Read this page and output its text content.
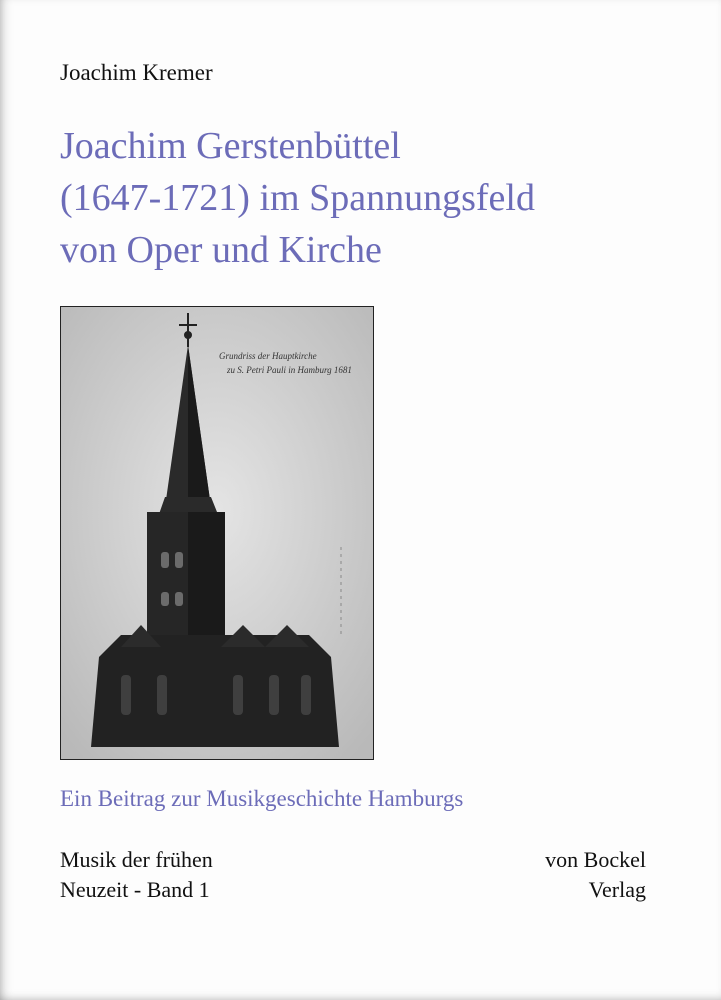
Joachim Kremer
Joachim Gerstenbüttel
(1647-1721) im Spannungsfeld
von Oper und Kirche
Grundriss der Hauptkirche
zu S. Petri Pauli in Hamburg 1681
Ein Beitrag zur Musikgeschichte Hamburgs
Musik der frühen
Neuzeit - Band 1
von Bockel
Verlag
